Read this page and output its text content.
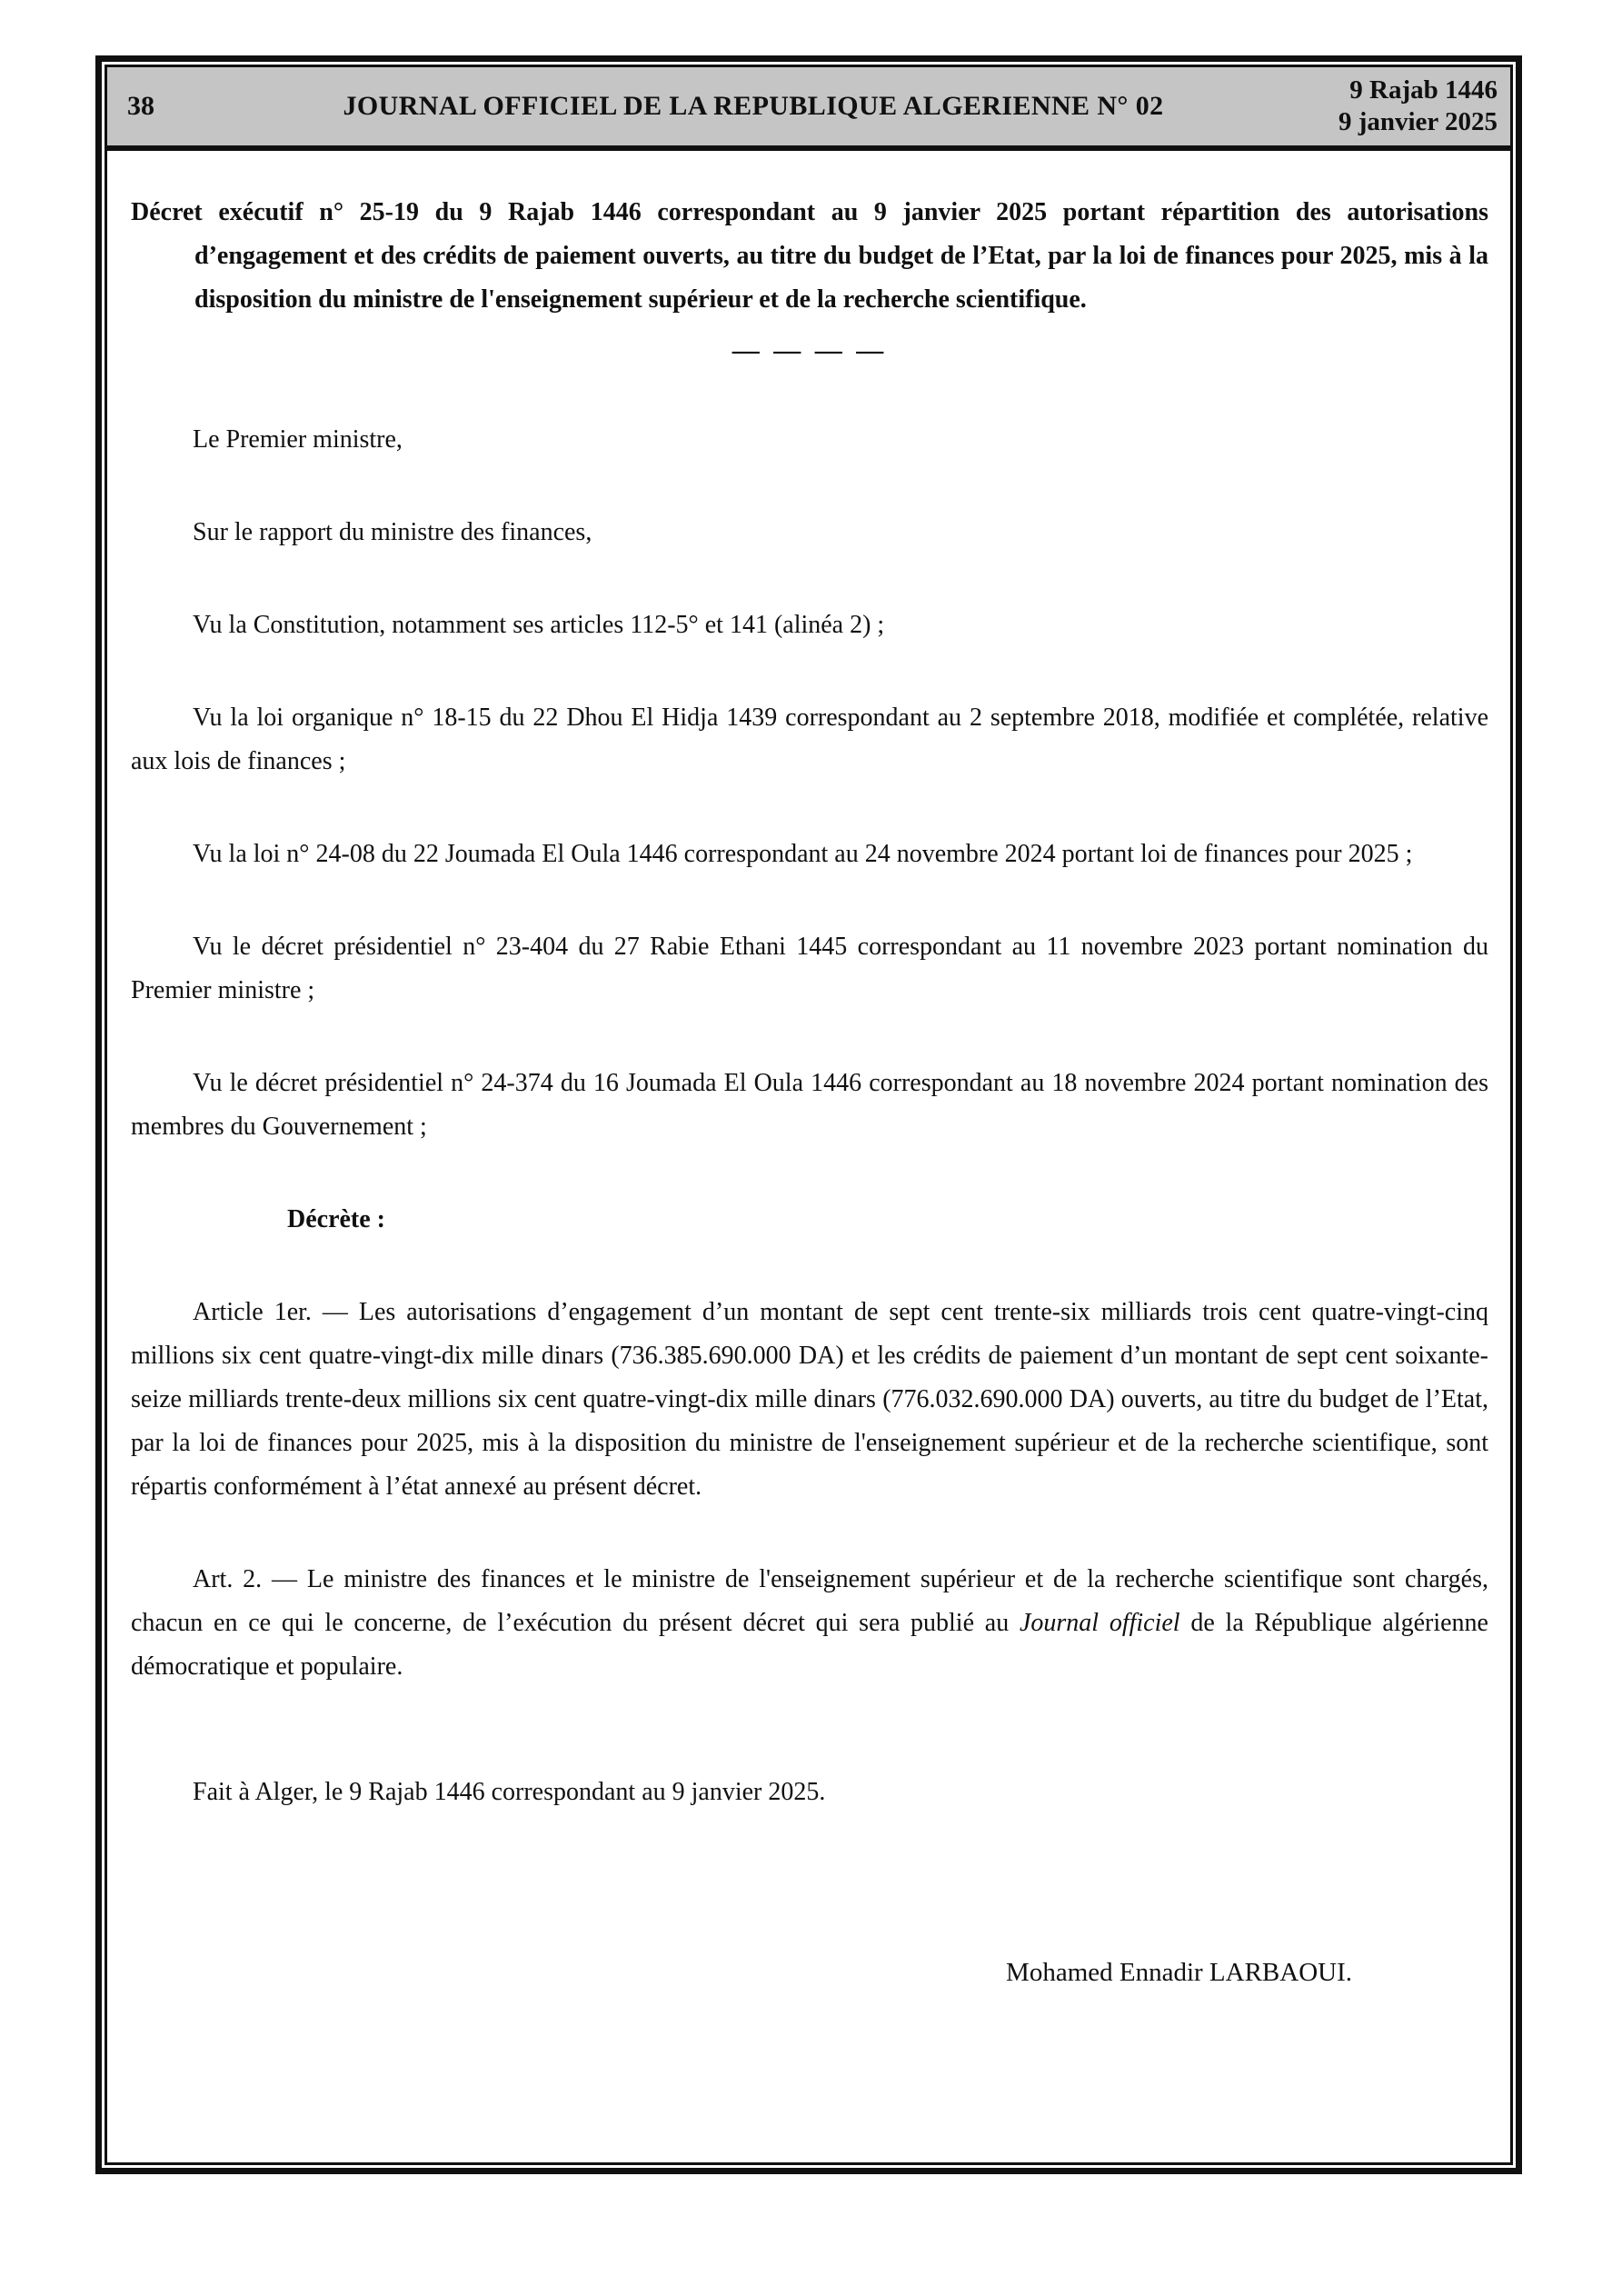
38	JOURNAL OFFICIEL DE LA REPUBLIQUE ALGERIENNE N° 02
9 Rajab 1446
9 janvier 2025

Décret exécutif n° 25-19 du 9 Rajab 1446 correspondant au 9 janvier 2025 portant répartition des autorisations d’engagement et des crédits de paiement ouverts, au titre du budget de l’Etat, par la loi de finances pour 2025, mis à la disposition du ministre de l'enseignement supérieur et de la recherche scientifique.

— — — —

Le Premier ministre,

Sur le rapport du ministre des finances,

Vu la Constitution, notamment ses articles 112-5° et 141 (alinéa 2) ;

Vu la loi organique n° 18-15 du 22 Dhou El Hidja 1439 correspondant au 2 septembre 2018, modifiée et complétée, relative aux lois de finances ;

Vu la loi n° 24-08 du 22 Joumada El Oula 1446 correspondant au 24 novembre 2024 portant loi de finances pour 2025 ;

Vu le décret présidentiel n° 23-404 du 27 Rabie Ethani 1445 correspondant au 11 novembre 2023 portant nomination du Premier ministre ;

Vu le décret présidentiel n° 24-374 du 16 Joumada El Oula 1446 correspondant au 18 novembre 2024 portant nomination des membres du Gouvernement ;

Décrète :

Article 1er. — Les autorisations d’engagement d’un montant de sept cent trente-six milliards trois cent quatre-vingt-cinq millions six cent quatre-vingt-dix mille dinars (736.385.690.000 DA) et les crédits de paiement d’un montant de sept cent soixante-seize milliards trente-deux millions six cent quatre-vingt-dix mille dinars (776.032.690.000 DA) ouverts, au titre du budget de l’Etat, par la loi de finances pour 2025, mis à la disposition du ministre de l'enseignement supérieur et de la recherche scientifique, sont répartis conformément à l’état annexé au présent décret.

Art. 2. — Le ministre des finances et le ministre de l'enseignement supérieur et de la recherche scientifique sont chargés, chacun en ce qui le concerne, de l’exécution du présent décret qui sera publié au Journal officiel de la République algérienne démocratique et populaire.

Fait à Alger, le 9 Rajab 1446 correspondant au 9 janvier 2025.

Mohamed Ennadir LARBAOUI.
